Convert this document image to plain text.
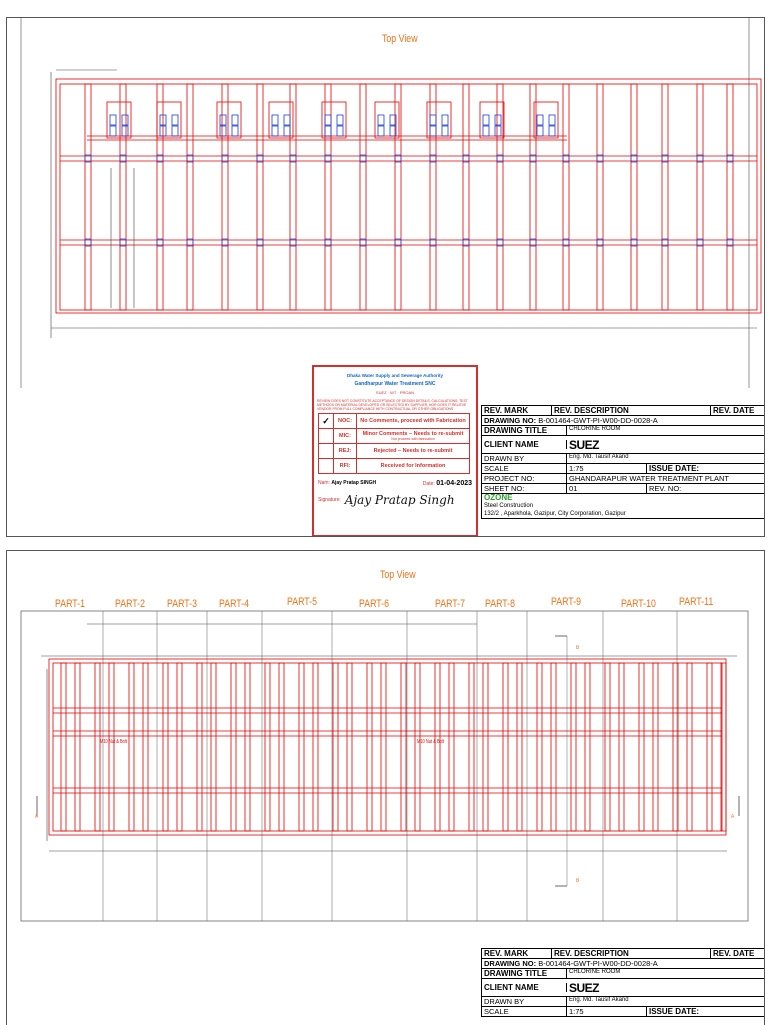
Top View
Dhaka Water Supply and Sewerage Authority
Gandharpur Water Treatment SNC
SUEZ · WT · PROAN
REVIEW DOES NOT CONSTITUTE ACCEPTANCE OF DESIGN DETAILS, CALCULATIONS, TEST METHODS OR MATERIAL DEVELOPED OR SELECTED BY SUPPLIER, NOR DOES IT RELIEVE VENDOR FROM FULL COMPLIANCE WITH CONTRACTUAL OR OTHER OBLIGATIONS
✓	NOC:	No Comments, proceed with Fabrication
	MIC:	Minor Comments – Needs to re-submit
Not proceed with fabrication

	REJ:	Rejected – Needs to re-submit
	RFI:	Received for Information
Nam: Ajay Pratap SINGH	Date: 01-04-2023
Signature: Ajay Pratap Singh
REV. MARK	REV. DESCRIPTION	REV. DATE
DRAWING NO: B-001464-GWT-PI-W00-DD-0028-A
DRAWING TITLE	CHLORINE ROOM
CLIENT NAME	SUEZ
DRAWN BY	Eng. Md. Tausif Akand
SCALE	1:75	ISSUE DATE:
PROJECT NO:	GHANDARAPUR WATER TREATMENT PLANT
SHEET NO:	01	REV. NO:
OZONE
Steel Construction
132/2 , Aparkhola, Gazipur, City Corporation, Gazipur
Top View
PART-1	PART-2 PART-3 PART-4	PART-5	PART-6	PART-7 PART-8	PART-9	PART-10 PART-11
M10 Nut & Bolt	M10 Nut & Bolt
A	A
B
B
REV. MARK	REV. DESCRIPTION	REV. DATE
DRAWING NO: B-001464-GWT-PI-W00-DD-0028-A
DRAWING TITLE	CHLORINE ROOM
CLIENT NAME	SUEZ
DRAWN BY	Eng. Md. Tausif Akand
SCALE	1:75	ISSUE DATE:
